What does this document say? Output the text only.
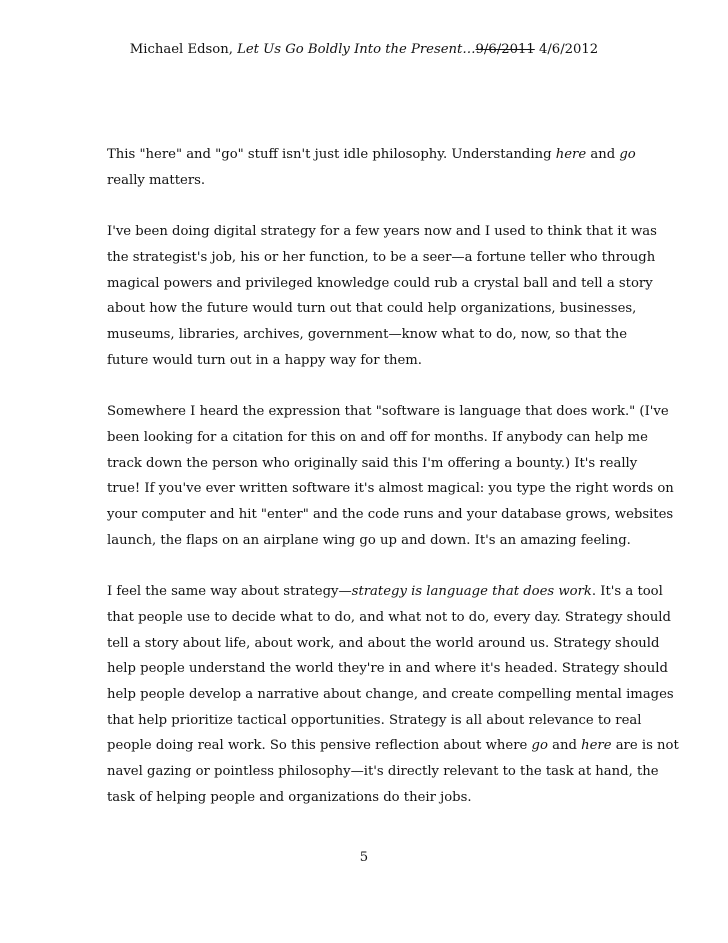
Michael Edson, Let Us Go Boldly Into the Present…9/6/2011 4/6/2012
This "here" and "go" stuff isn't just idle philosophy. Understanding here and go
really matters.
I've been doing digital strategy for a few years now and I used to think that it was
the strategist's job, his or her function, to be a seer—a fortune teller who through
magical powers and privileged knowledge could rub a crystal ball and tell a story
about how the future would turn out that could help organizations, businesses,
museums, libraries, archives, government—know what to do, now, so that the
future would turn out in a happy way for them.
Somewhere I heard the expression that "software is language that does work." (I've
been looking for a citation for this on and off for months. If anybody can help me
track down the person who originally said this I'm offering a bounty.) It's really
true! If you've ever written software it's almost magical: you type the right words on
your computer and hit "enter" and the code runs and your database grows, websites
launch, the flaps on an airplane wing go up and down. It's an amazing feeling.
I feel the same way about strategy—strategy is language that does work. It's a tool
that people use to decide what to do, and what not to do, every day. Strategy should
tell a story about life, about work, and about the world around us. Strategy should
help people understand the world they're in and where it's headed. Strategy should
help people develop a narrative about change, and create compelling mental images
that help prioritize tactical opportunities. Strategy is all about relevance to real
people doing real work. So this pensive reflection about where go and here are is not
navel gazing or pointless philosophy—it's directly relevant to the task at hand, the
task of helping people and organizations do their jobs.
5
